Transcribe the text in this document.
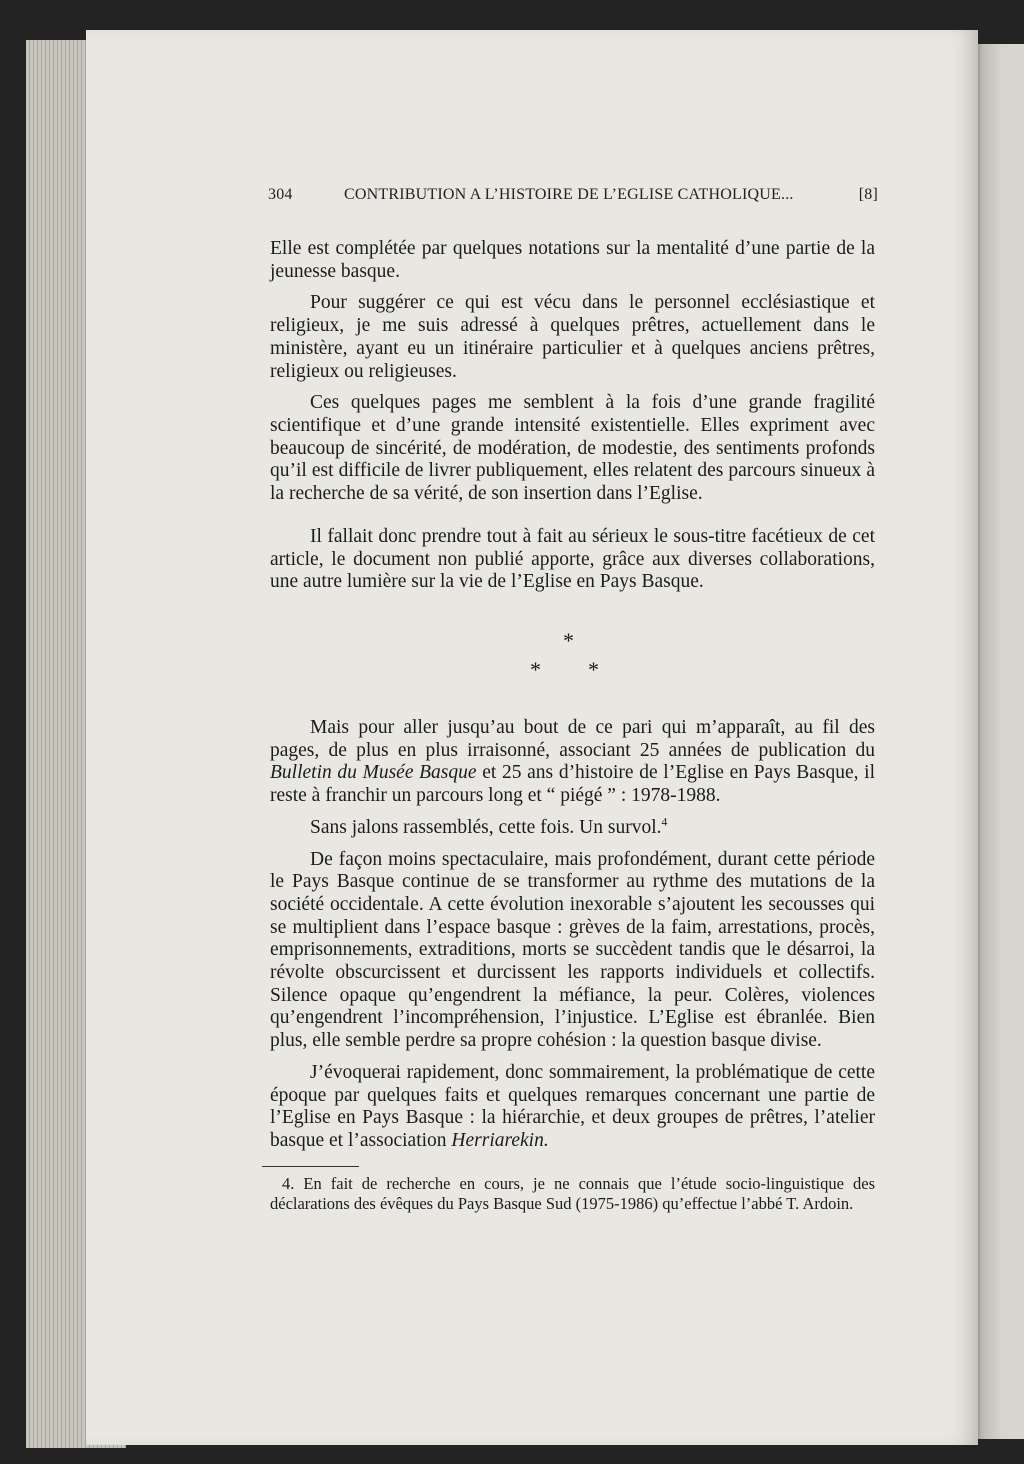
304	CONTRIBUTION A L’HISTOIRE DE L’EGLISE CATHOLIQUE...	[8]

Elle est complétée par quelques notations sur la mentalité d’une partie de la jeunesse basque.

Pour suggérer ce qui est vécu dans le personnel ecclésiastique et religieux, je me suis adressé à quelques prêtres, actuellement dans le ministère, ayant eu un itinéraire particulier et à quelques anciens prêtres, religieux ou religieuses.

Ces quelques pages me semblent à la fois d’une grande fragilité scientifique et d’une grande intensité existentielle. Elles expriment avec beaucoup de sincérité, de modération, de modestie, des sentiments profonds qu’il est difficile de livrer publiquement, elles relatent des parcours sinueux à la recherche de sa vérité, de son insertion dans l’Eglise.

Il fallait donc prendre tout à fait au sérieux le sous-titre facétieux de cet article, le document non publié apporte, grâce aux diverses collaborations, une autre lumière sur la vie de l’Eglise en Pays Basque.

*
* *

Mais pour aller jusqu’au bout de ce pari qui m’apparaît, au fil des pages, de plus en plus irraisonné, associant 25 années de publication du Bulletin du Musée Basque et 25 ans d’histoire de l’Eglise en Pays Basque, il reste à franchir un parcours long et “ piégé ” : 1978-1988.

Sans jalons rassemblés, cette fois. Un survol.$^4$

De façon moins spectaculaire, mais profondément, durant cette période le Pays Basque continue de se transformer au rythme des mutations de la société occidentale. A cette évolution inexorable s’ajoutent les secousses qui se multiplient dans l’espace basque : grèves de la faim, arrestations, procès, emprisonnements, extraditions, morts se succèdent tandis que le désarroi, la révolte obscurcissent et durcissent les rapports individuels et collectifs. Silence opaque qu’engendrent la méfiance, la peur. Colères, violences qu’engendrent l’incompréhension, l’injustice. L’Eglise est ébranlée. Bien plus, elle semble perdre sa propre cohésion : la question basque divise.

J’évoquerai rapidement, donc sommairement, la problématique de cette époque par quelques faits et quelques remarques concernant une partie de l’Eglise en Pays Basque : la hiérarchie, et deux groupes de prêtres, l’atelier basque et l’association Herriarekin.

4. En fait de recherche en cours, je ne connais que l’étude socio-linguistique des déclarations des évêques du Pays Basque Sud (1975-1986) qu’effectue l’abbé T. Ardoin.
